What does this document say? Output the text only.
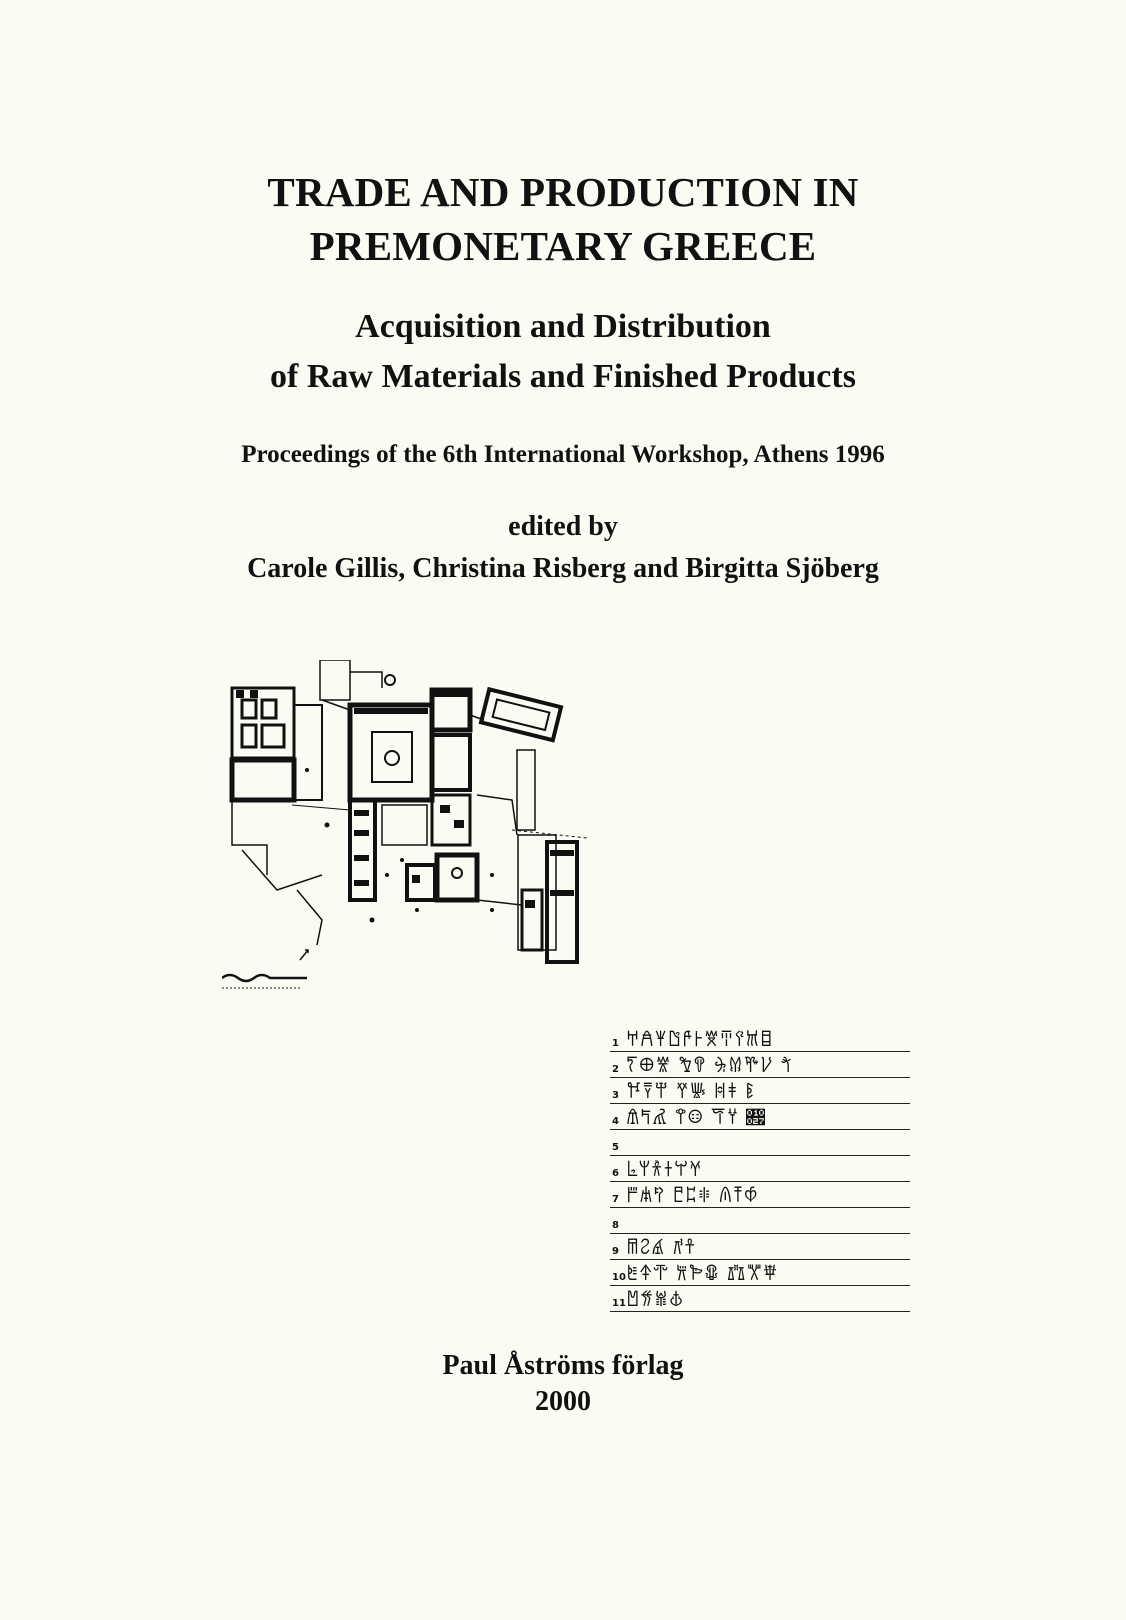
TRADE AND PRODUCTION IN
PREMONETARY GREECE
Acquisition and Distribution
of Raw Materials and Finished Products
Proceedings of the 6th International Workshop, Athens 1996
edited by
Carole Gillis, Christina Risberg and Birgitta Sjöberg
1 𐀀𐀁𐀂𐀃𐀄𐀅𐀆𐀇𐀈𐀉𐀊
2 𐀍𐀏𐀐 𐀑𐀒 𐀓𐀔𐀕𐀖 𐀗
3 𐀘𐀙𐀚 𐀛𐀜 𐀝𐀞 𐀟
4 𐀠𐀡𐀢 𐀣𐀤 𐀥𐀦 𐀧
5
6 𐀨𐀩𐀪𐀫𐀬𐀭
7 𐀮𐀯𐀰 𐀱𐀲𐀳 𐀴𐀵𐀶
8
9 𐀷𐀸𐀹 𐀺𐀼
10 𐀽𐀿𐁀 𐁁𐁂𐁃 𐁄𐁅𐁆
11 𐁇𐁈𐁉𐁊
Paul Åströms förlag
2000
